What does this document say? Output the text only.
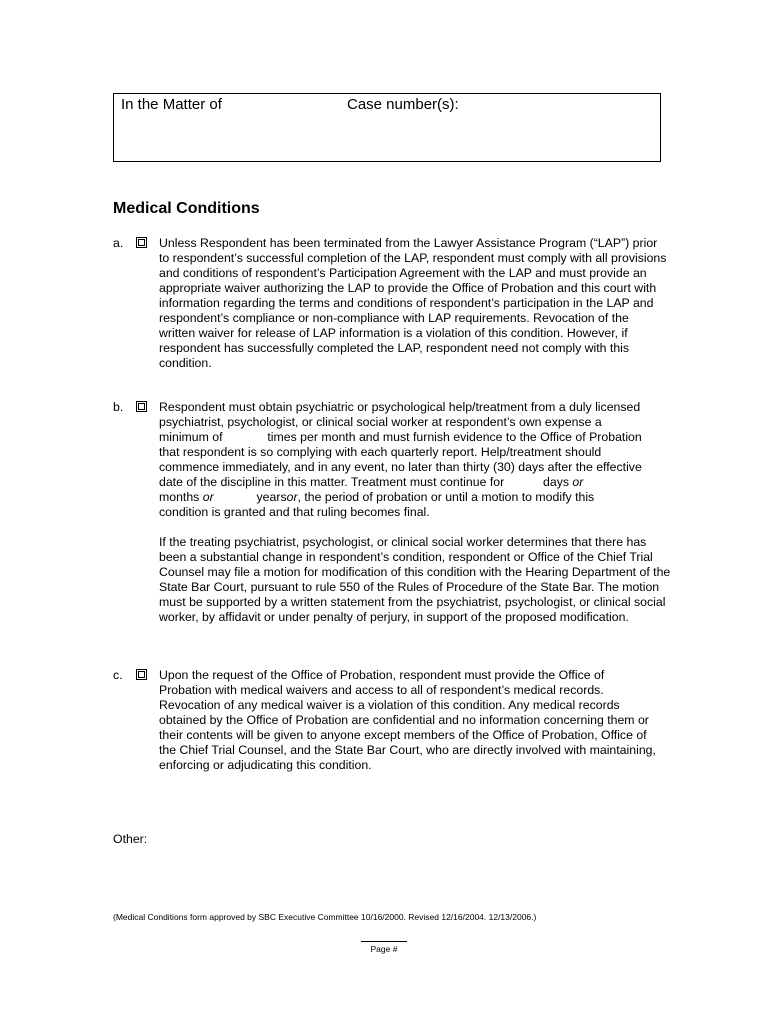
In the Matter of	Case number(s):
Medical Conditions
a.	Unless Respondent has been terminated from the Lawyer Assistance Program (“LAP”) prior to respondent’s successful completion of the LAP, respondent must comply with all provisions and conditions of respondent’s Participation Agreement with the LAP and must provide an appropriate waiver authorizing the LAP to provide the Office of Probation and this court with information regarding the terms and conditions of respondent’s participation in the LAP and respondent’s compliance or non-compliance with LAP requirements. Revocation of the written waiver for release of LAP information is a violation of this condition. However, if respondent has successfully completed the LAP, respondent need not comply with this condition.

b.	Respondent must obtain psychiatric or psychological help/treatment from a duly licensed
psychiatrist, psychologist, or clinical social worker at respondent’s own expense a
minimum of	times per month and must furnish evidence to the Office of Probation
that respondent is so complying with each quarterly report. Help/treatment should
commence immediately, and in any event, no later than thirty (30) days after the effective
date of the discipline in this matter. Treatment must continue for	days or
months or	yearsor, the period of probation or until a motion to modify this
condition is granted and that ruling becomes final.

If the treating psychiatrist, psychologist, or clinical social worker determines that there has been a substantial change in respondent’s condition, respondent or Office of the Chief Trial Counsel may file a motion for modification of this condition with the Hearing Department of the State Bar Court, pursuant to rule 550 of the Rules of Procedure of the State Bar. The motion must be supported by a written statement from the psychiatrist, psychologist, or clinical social worker, by affidavit or under penalty of perjury, in support of the proposed modification.

c.	Upon the request of the Office of Probation, respondent must provide the Office of Probation with medical waivers and access to all of respondent’s medical records. Revocation of any medical waiver is a violation of this condition. Any medical records obtained by the Office of Probation are confidential and no information concerning them or their contents will be given to anyone except members of the Office of Probation, Office of the Chief Trial Counsel, and the State Bar Court, who are directly involved with maintaining, enforcing or adjudicating this condition.

Other:
(Medical Conditions form approved by SBC Executive Committee 10/16/2000. Revised 12/16/2004. 12/13/2006.)
Page #
